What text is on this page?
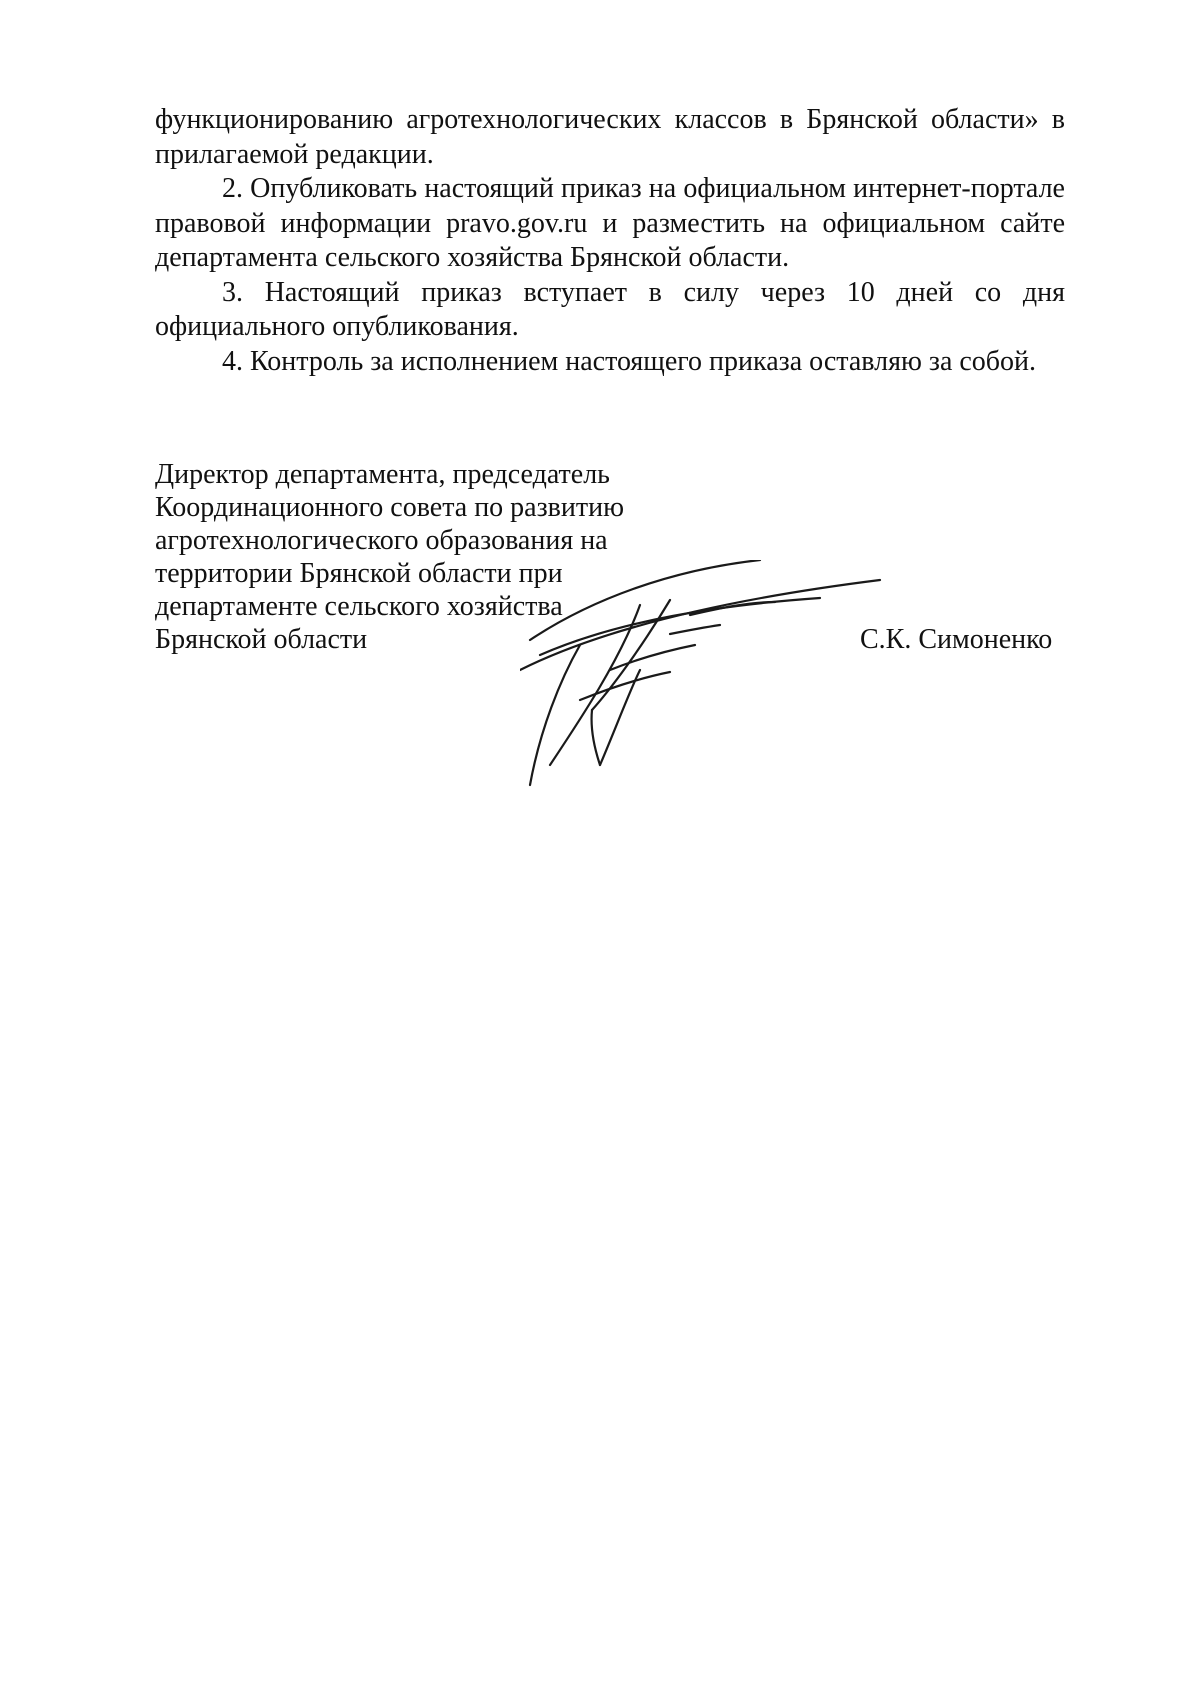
функционированию агротехнологических классов в Брянской области» в прилагаемой редакции.

2. Опубликовать настоящий приказ на официальном интернет-портале правовой информации pravo.gov.ru и разместить на официальном сайте департамента сельского хозяйства Брянской области.

3. Настоящий приказ вступает в силу через 10 дней со дня официального опубликования.

4. Контроль за исполнением настоящего приказа оставляю за собой.

Директор департамента, председатель
Координационного совета по развитию
агротехнологического образования на
территории Брянской области при
департаменте сельского хозяйства
Брянской области	С.К. Симоненко
